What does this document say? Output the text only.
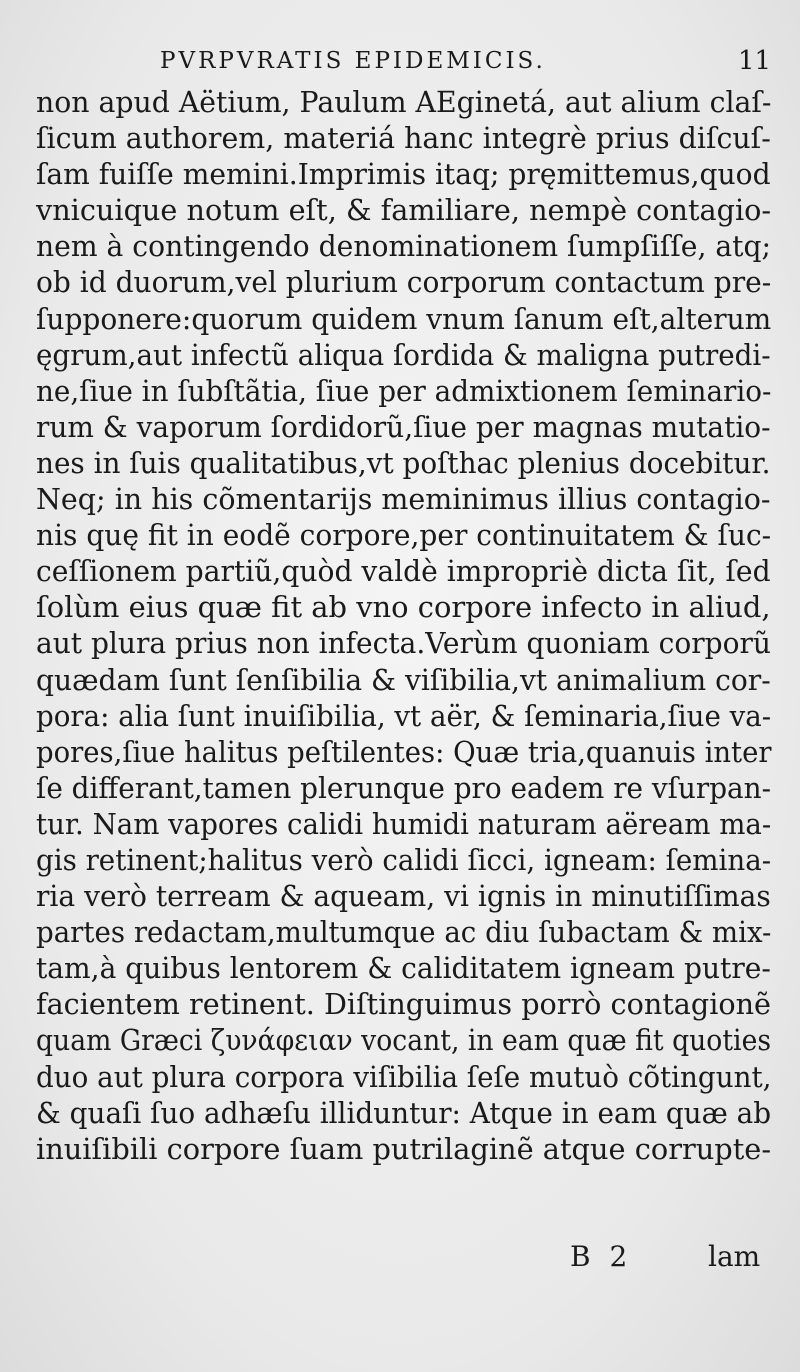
PVRPVRATIS EPIDEMICIS.	11
non apud Aëtium, Paulum AEginetá, aut alium claſ-
ſicum authorem, materiá hanc integrè prius diſcuſ-
ſam fuiſſe memini.Imprimis itaq; pręmittemus,quod
vnicuique notum eſt, & familiare, nempè contagio-
nem à contingendo denominationem ſumpſiſſe, atq;
ob id duorum,vel plurium corporum contactum pre-
ſupponere:quorum quidem vnum ſanum eſt,alterum
ęgrum,aut infectũ aliqua ſordida & maligna putredi-
ne,ſiue in ſubſtãtia, ſiue per admixtionem ſeminario-
rum & vaporum ſordidorũ,ſiue per magnas mutatio-
nes in ſuis qualitatibus,vt poſthac plenius docebitur.
Neq; in his cõmentarijs meminimus illius contagio-
nis quę fit in eodẽ corpore,per continuitatem & ſuc-
ceſſionem partiũ,quòd valdè impropriè dicta ſit, ſed
ſolùm eius quæ fit ab vno corpore infecto in aliud,
aut plura prius non infecta.Verùm quoniam corporũ
quædam ſunt ſenſibilia & viſibilia,vt animalium cor-
pora: alia ſunt inuiſibilia, vt aër, & ſeminaria,ſiue va-
pores,ſiue halitus peſtilentes: Quæ tria,quanuis inter
ſe differant,tamen plerunque pro eadem re vſurpan-
tur. Nam vapores calidi humidi naturam aëream ma-
gis retinent;halitus verò calidi ſicci, igneam: ſemina-
ria verò terream & aqueam, vi ignis in minutiſſimas
partes redactam,multumque ac diu ſubactam & mix-
tam,à quibus lentorem & caliditatem igneam putre-
facientem retinent. Diſtinguimus porrò contagionẽ
quam Græci ζυνάφειαν vocant, in eam quæ fit quoties
duo aut plura corpora viſibilia ſeſe mutuò cõtingunt,
& quaſi ſuo adhæſu illiduntur: Atque in eam quæ ab
inuiſibili corpore ſuam putrilaginẽ atque corrupte-
B 2	lam
